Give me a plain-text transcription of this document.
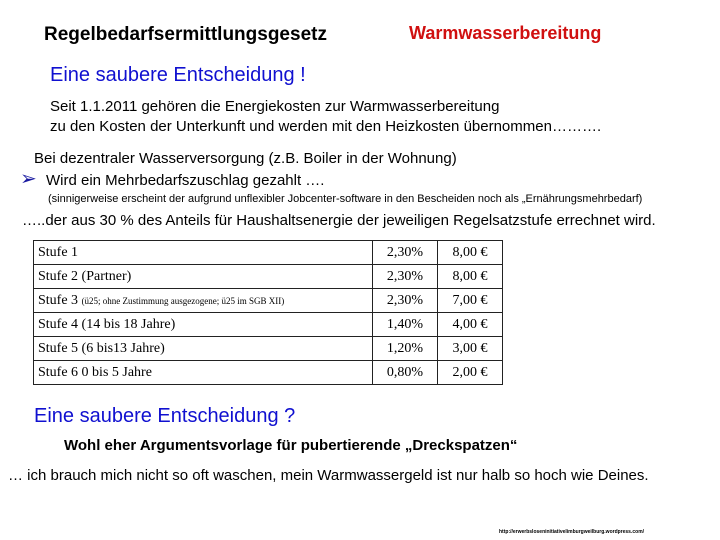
Regelbedarfsermittlungsgesetz	Warmwasserbereitung
Eine saubere Entscheidung !
Seit 1.1.2011 gehören die Energiekosten zur Warmwasserbereitung
zu den Kosten der Unterkunft und werden mit den Heizkosten übernommen……….
Bei dezentraler Wasserversorgung (z.B. Boiler in der Wohnung)
➢ Wird ein Mehrbedarfszuschlag gezahlt ….
(sinnigerweise erscheint der aufgrund unflexibler Jobcenter-software in den Bescheiden noch als „Ernährungsmehrbedarf)
…..der aus 30 % des Anteils für Haushaltsenergie der jeweiligen Regelsatzstufe errechnet wird.
Stufe 1	2,30%	8,00 €
Stufe 2 (Partner)	2,30%	8,00 €
Stufe 3 (ü25; ohne Zustimmung ausgezogene; ü25 im SGB XII)	2,30%	7,00 €
Stufe 4 (14 bis 18 Jahre)	1,40%	4,00 €
Stufe 5 (6 bis13 Jahre)	1,20%	3,00 €
Stufe 6 0 bis 5 Jahre	0,80%	2,00 €
Eine saubere Entscheidung ?
Wohl eher Argumentsvorlage für pubertierende „Dreckspatzen“
… ich brauch mich nicht so oft waschen, mein Warmwassergeld ist nur halb so hoch wie Deines.
http://erwerbsloseninitiativelimburgweilburg.wordpress.com/
